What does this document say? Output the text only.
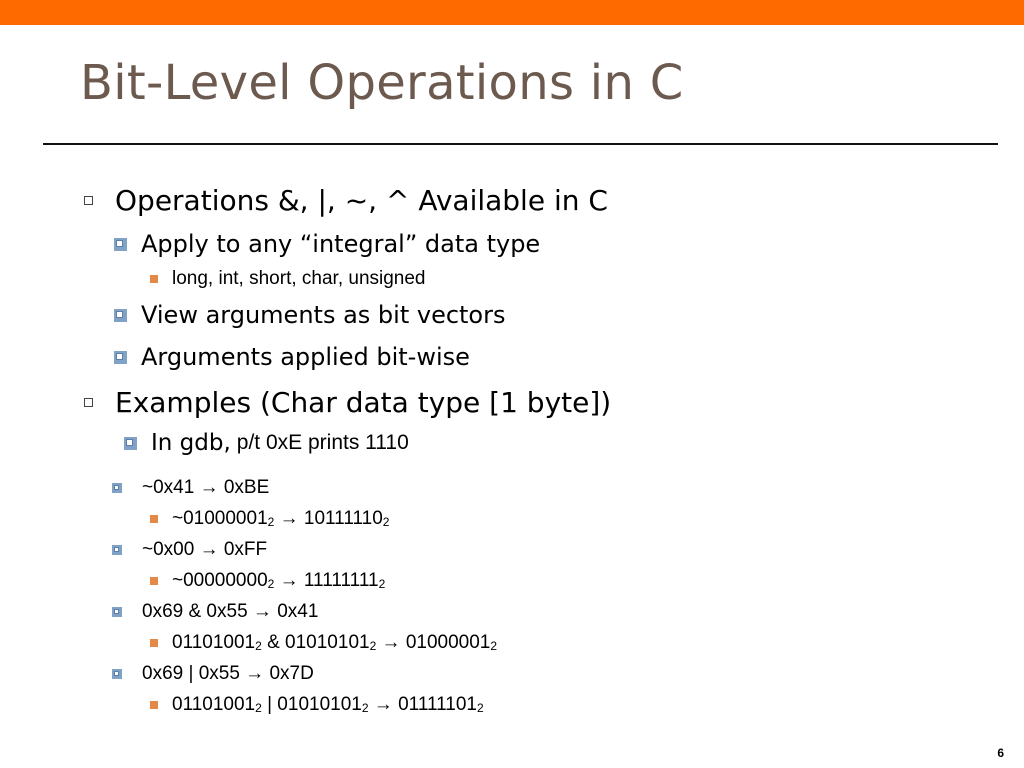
Bit-Level Operations in C
Operations &, |, ~, ^ Available in C
Apply to any “integral” data type
long, int, short, char, unsigned
View arguments as bit vectors
Arguments applied bit-wise
Examples (Char data type [1 byte])
In gdb, p/t 0xE prints 1110
~0x41 → 0xBE
$\sim 01000001_2 \to 10111110_2$
~0x00 → 0xFF
$\sim 00000000_2 \to 11111111_2$
0x69 & 0x55 → 0x41
$01101001_2$ & $01010101_2 \to 01000001_2$
0x69 | 0x55 → 0x7D
$01101001_2$ | $01010101_2 \to 01111101_2$
6
